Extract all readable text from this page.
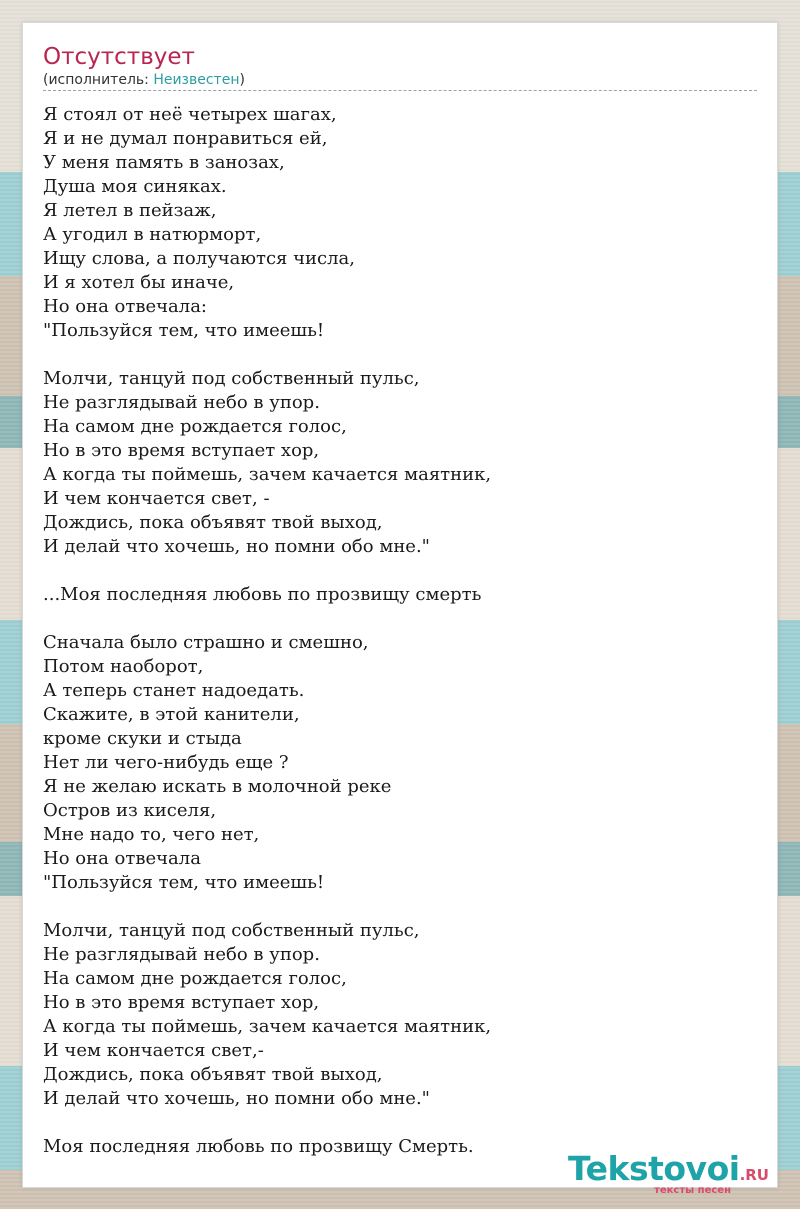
Отсутствует
(исполнитель: Неизвестен)
Я стоял от неё четырех шагах,
Я и не думал понравиться ей,
У меня память в занозах,
Душа моя синяках.
Я летел в пейзаж,
А угодил в натюрморт,
Ищу слова, а получаются числа,
И я хотел бы иначе,
Но она отвечала:
"Пользуйся тем, что имеешь!

Молчи, танцуй под собственный пульс,
Не разглядывай небо в упор.
На самом дне рождается голос,
Но в это время вступает хор,
А когда ты поймешь, зачем качается маятник,
И чем кончается свет, -
Дождись, пока объявят твой выход,
И делай что хочешь, но помни обо мне."

...Моя последняя любовь по прозвищу смерть

Сначала было страшно и смешно,
Потом наоборот,
А теперь станет надоедать.
Скажите, в этой канители,
кроме скуки и стыда
Нет ли чего-нибудь еще ?
Я не желаю искать в молочной реке
Остров из киселя,
Мне надо то, чего нет,
Но она отвечала
"Пользуйся тем, что имеешь!

Молчи, танцуй под собственный пульс,
Не разглядывай небо в упор.
На самом дне рождается голос,
Но в это время вступает хор,
А когда ты поймешь, зачем качается маятник,
И чем кончается свет,-
Дождись, пока объявят твой выход,
И делай что хочешь, но помни обо мне."

Моя последняя любовь по прозвищу Смерть.
Tekstovoi.RU
тексты песен
